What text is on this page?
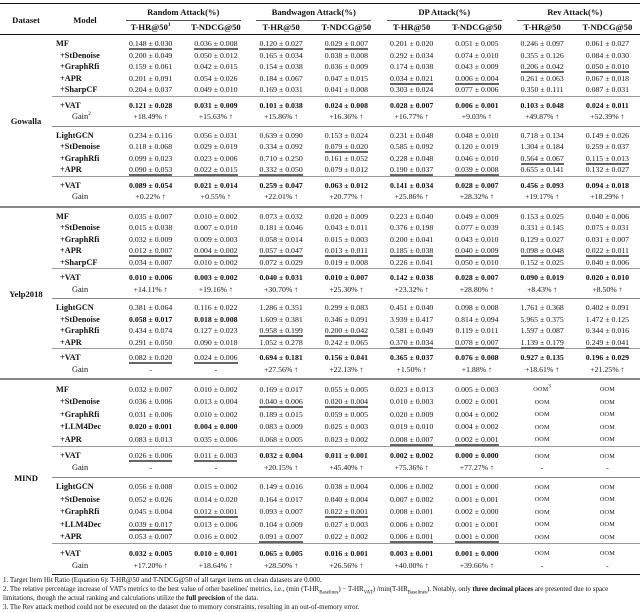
Dataset	Model	Random Attack(%)		Bandwagon Attack(%)		DP Attack(%)		Rev Attack(%)	
		$T-HR@50^1$	T-NDCG@50	T-HR@50	T-NDCG@50	T-HR@50	T-NDCG@50	T-HR@50	T-NDCG@50
Gowalla	MF	0.148 ± 0.030	0.036 ± 0.008	0.120 ± 0.027	0.029 ± 0.007	0.201 ± 0.020	0.051 ± 0.005	0.246 ± 0.097	0.061 ± 0.027
	+StDenoise	0.200 ± 0.049	0.050 ± 0.012	0.165 ± 0.034	0.038 ± 0.008	0.292 ± 0.034	0.074 ± 0.010	0.355 ± 0.126	0.084 ± 0.030
	+GraphRfi	0.159 ± 0.061	0.042 ± 0.015	0.154 ± 0.038	0.036 ± 0.009	0.174 ± 0.038	0.043 ± 0.009	0.206 ± 0.042	0.050 ± 0.010
	+APR	0.201 ± 0.091	0.054 ± 0.026	0.184 ± 0.067	0.047 ± 0.015	0.034 ± 0.021	0.006 ± 0.004	0.261 ± 0.063	0.067 ± 0.018
	+SharpCF	0.204 ± 0.037	0.049 ± 0.010	0.169 ± 0.031	0.041 ± 0.008	0.303 ± 0.024	0.077 ± 0.006	0.350 ± 0.111	0.087 ± 0.031
	+VAT	0.121 ± 0.028	0.031 ± 0.009	0.101 ± 0.038	0.024 ± 0.008	0.028 ± 0.007	0.006 ± 0.001	0.103 ± 0.048	0.024 ± 0.011
	Gain$^2$	+18.49% ↑	+15.63% ↑	+15.86% ↑	+16.36% ↑	+16.77% ↑	+9.03% ↑	+49.87% ↑	+52.39% ↑
	LightGCN	0.234 ± 0.116	0.056 ± 0.031	0.639 ± 0.090	0.153 ± 0.024	0.231 ± 0.048	0.048 ± 0.010	0.718 ± 0.134	0.149 ± 0.026
	+StDenoise	0.118 ± 0.068	0.029 ± 0.019	0.334 ± 0.092	0.079 ± 0.020	0.585 ± 0.092	0.120 ± 0.019	1.304 ± 0.184	0.259 ± 0.037
	+GraphRfi	0.099 ± 0.023	0.023 ± 0.006	0.710 ± 0.250	0.161 ± 0.052	0.228 ± 0.048	0.046 ± 0.010	0.564 ± 0.067	0.115 ± 0.013
	+APR	0.090 ± 0.053	0.022 ± 0.015	0.332 ± 0.050	0.079 ± 0.012	0.190 ± 0.037	0.039 ± 0.008	0.655 ± 0.141	0.132 ± 0.027
	+VAT	0.089 ± 0.054	0.021 ± 0.014	0.259 ± 0.047	0.063 ± 0.012	0.141 ± 0.034	0.028 ± 0.007	0.456 ± 0.093	0.094 ± 0.018
	Gain	+0.22% ↑	+0.55% ↑	+22.01% ↑	+20.77% ↑	+25.86% ↑	+28.32% ↑	+19.17% ↑	+18.29% ↑
Yelp2018	MF	0.035 ± 0.007	0.010 ± 0.002	0.073 ± 0.032	0.020 ± 0.009	0.223 ± 0.040	0.049 ± 0.009	0.153 ± 0.025	0.040 ± 0.006
	+StDenoise	0.015 ± 0.038	0.007 ± 0.010	0.181 ± 0.046	0.043 ± 0.011	0.376 ± 0.198	0.077 ± 0.039	0.331 ± 0.145	0.075 ± 0.031
	+GraphRfi	0.032 ± 0.009	0.009 ± 0.003	0.058 ± 0.014	0.015 ± 0.003	0.200 ± 0.041	0.043 ± 0.010	0.129 ± 0.027	0.031 ± 0.007
	+APR	0.012 ± 0.007	0.004 ± 0.002	0.057 ± 0.047	0.013 ± 0.011	0.185 ± 0.038	0.040 ± 0.009	0.098 ± 0.048	0.022 ± 0.011
	+SharpCF	0.034 ± 0.007	0.010 ± 0.002	0.072 ± 0.029	0.019 ± 0.008	0.226 ± 0.041	0.050 ± 0.010	0.152 ± 0.025	0.040 ± 0.006
	+VAT	0.010 ± 0.006	0.003 ± 0.002	0.040 ± 0.031	0.010 ± 0.007	0.142 ± 0.038	0.028 ± 0.007	0.090 ± 0.019	0.020 ± 0.010
	Gain	+14.11% ↑	+19.16% ↑	+30.70% ↑	+25.30% ↑	+23.32% ↑	+28.80% ↑	+8.43% ↑	+8.50% ↑
	LightGCN	0.381 ± 0.064	0.116 ± 0.022	1.286 ± 0.351	0.299 ± 0.083	0.451 ± 0.040	0.098 ± 0.008	1.761 ± 0.368	0.402 ± 0.091
	+StDenoise	0.058 ± 0.017	0.018 ± 0.008	1.609 ± 0.381	0.346 ± 0.091	3.939 ± 0.417	0.814 ± 0.094	5.965 ± 0.375	1.472 ± 0.125
	+GraphRfi	0.434 ± 0.074	0.127 ± 0.023	0.958 ± 0.199	0.200 ± 0.042	0.581 ± 0.049	0.119 ± 0.011	1.597 ± 0.087	0.344 ± 0.016
	+APR	0.291 ± 0.050	0.090 ± 0.018	1.052 ± 0.278	0.242 ± 0.065	0.370 ± 0.034	0.078 ± 0.007	1.139 ± 0.179	0.249 ± 0.041
	+VAT	0.082 ± 0.020	0.024 ± 0.006	0.694 ± 0.181	0.156 ± 0.041	0.365 ± 0.037	0.076 ± 0.008	0.927 ± 0.135	0.196 ± 0.029
	Gain	-	-	+27.56% ↑	+22.13% ↑	+1.50% ↑	+1.88% ↑	+18.61% ↑	+21.25% ↑
MIND	MF	0.032 ± 0.007	0.010 ± 0.002	0.169 ± 0.017	0.055 ± 0.005	0.023 ± 0.013	0.005 ± 0.003	OOM$^3$	OOM
	+StDenoise	0.036 ± 0.006	0.013 ± 0.004	0.040 ± 0.006	0.020 ± 0.004	0.010 ± 0.003	0.002 ± 0.001	OOM	OOM
	+GraphRfi	0.031 ± 0.006	0.010 ± 0.002	0.189 ± 0.015	0.059 ± 0.005	0.020 ± 0.009	0.004 ± 0.002	OOM	OOM
	+LLM4Dec	0.020 ± 0.001	0.004 ± 0.000	0.083 ± 0.009	0.025 ± 0.003	0.019 ± 0.010	0.004 ± 0.002	OOM	OOM
	+APR	0.083 ± 0.013	0.035 ± 0.006	0.068 ± 0.005	0.023 ± 0.002	0.008 ± 0.007	0.002 ± 0.001	OOM	OOM
	+VAT	0.026 ± 0.006	0.011 ± 0.003	0.032 ± 0.004	0.011 ± 0.001	0.002 ± 0.002	0.000 ± 0.000	OOM	OOM
	Gain	-	-	+20.15% ↑	+45.40% ↑	+75.36% ↑	+77.27% ↑	-	-
	LightGCN	0.056 ± 0.008	0.015 ± 0.002	0.149 ± 0.016	0.038 ± 0.004	0.006 ± 0.002	0.001 ± 0.000	OOM	OOM
	+StDenoise	0.052 ± 0.026	0.014 ± 0.020	0.164 ± 0.017	0.040 ± 0.004	0.007 ± 0.002	0.001 ± 0.001	OOM	OOM
	+GraphRfi	0.045 ± 0.004	0.012 ± 0.001	0.093 ± 0.007	0.022 ± 0.001	0.008 ± 0.001	0.002 ± 0.000	OOM	OOM
	+LLM4Dec	0.039 ± 0.017	0.013 ± 0.006	0.104 ± 0.009	0.027 ± 0.003	0.006 ± 0.002	0.001 ± 0.001	OOM	OOM
	+APR	0.053 ± 0.007	0.016 ± 0.002	0.091 ± 0.007	0.022 ± 0.002	0.006 ± 0.001	0.001 ± 0.000	OOM	OOM
	+VAT	0.032 ± 0.005	0.010 ± 0.001	0.065 ± 0.005	0.016 ± 0.001	0.003 ± 0.001	0.001 ± 0.000	OOM	OOM
	Gain	+17.20% ↑	+18.64% ↑	+28.50% ↑	+26.56% ↑	+40.00% ↑	+39.66% ↑	-	-
1. Target Item Hit Ratio (Equation 6): T-HR@50 and T-NDCG@50 of all target items on clean datasets are 0.000.
2. The relative percentage increase of VAT's metrics to the best value of other baselines' metrics, i.e., (min $(T-HR_{Baselines}) - T-HR_{VAT}$) $/\min(T-HR_{Baselines})$. Notably, only three decimal places are presented due to space limitations, though the actual ranking and calculations utilize the full precision of the data.
3. The Rev attack method could not be executed on the dataset due to memory constraints, resulting in an out-of-memory error.
